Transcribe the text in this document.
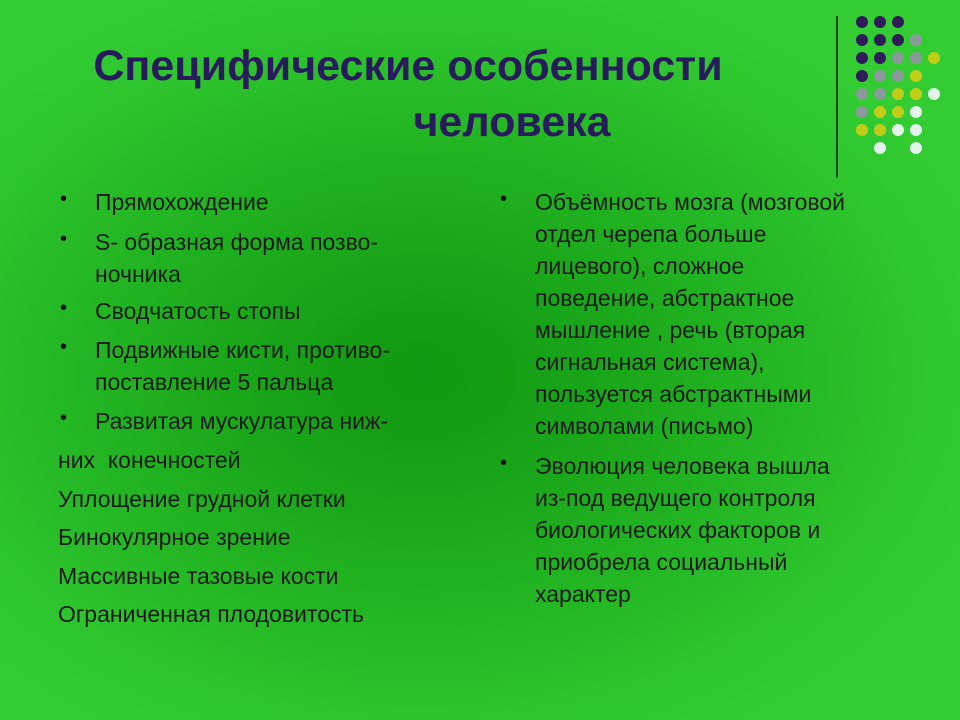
Специфические особенности
человека
• Прямохождение
• S- образная форма позво-
ночника
• Сводчатость стопы
• Подвижные кисти, противо-
поставление 5 пальца
• Развитая мускулатура ниж-
них  конечностей
Уплощение грудной клетки
Бинокулярное зрение
Массивные тазовые кости
Ограниченная плодовитость
• Объёмность мозга (мозговой
отдел черепа больше
лицевого), сложное
поведение, абстрактное
мышление , речь (вторая
сигнальная система),
пользуется абстрактными
символами (письмо)
• Эволюция человека вышла
из-под ведущего контроля
биологических факторов и
приобрела социальный
характер
